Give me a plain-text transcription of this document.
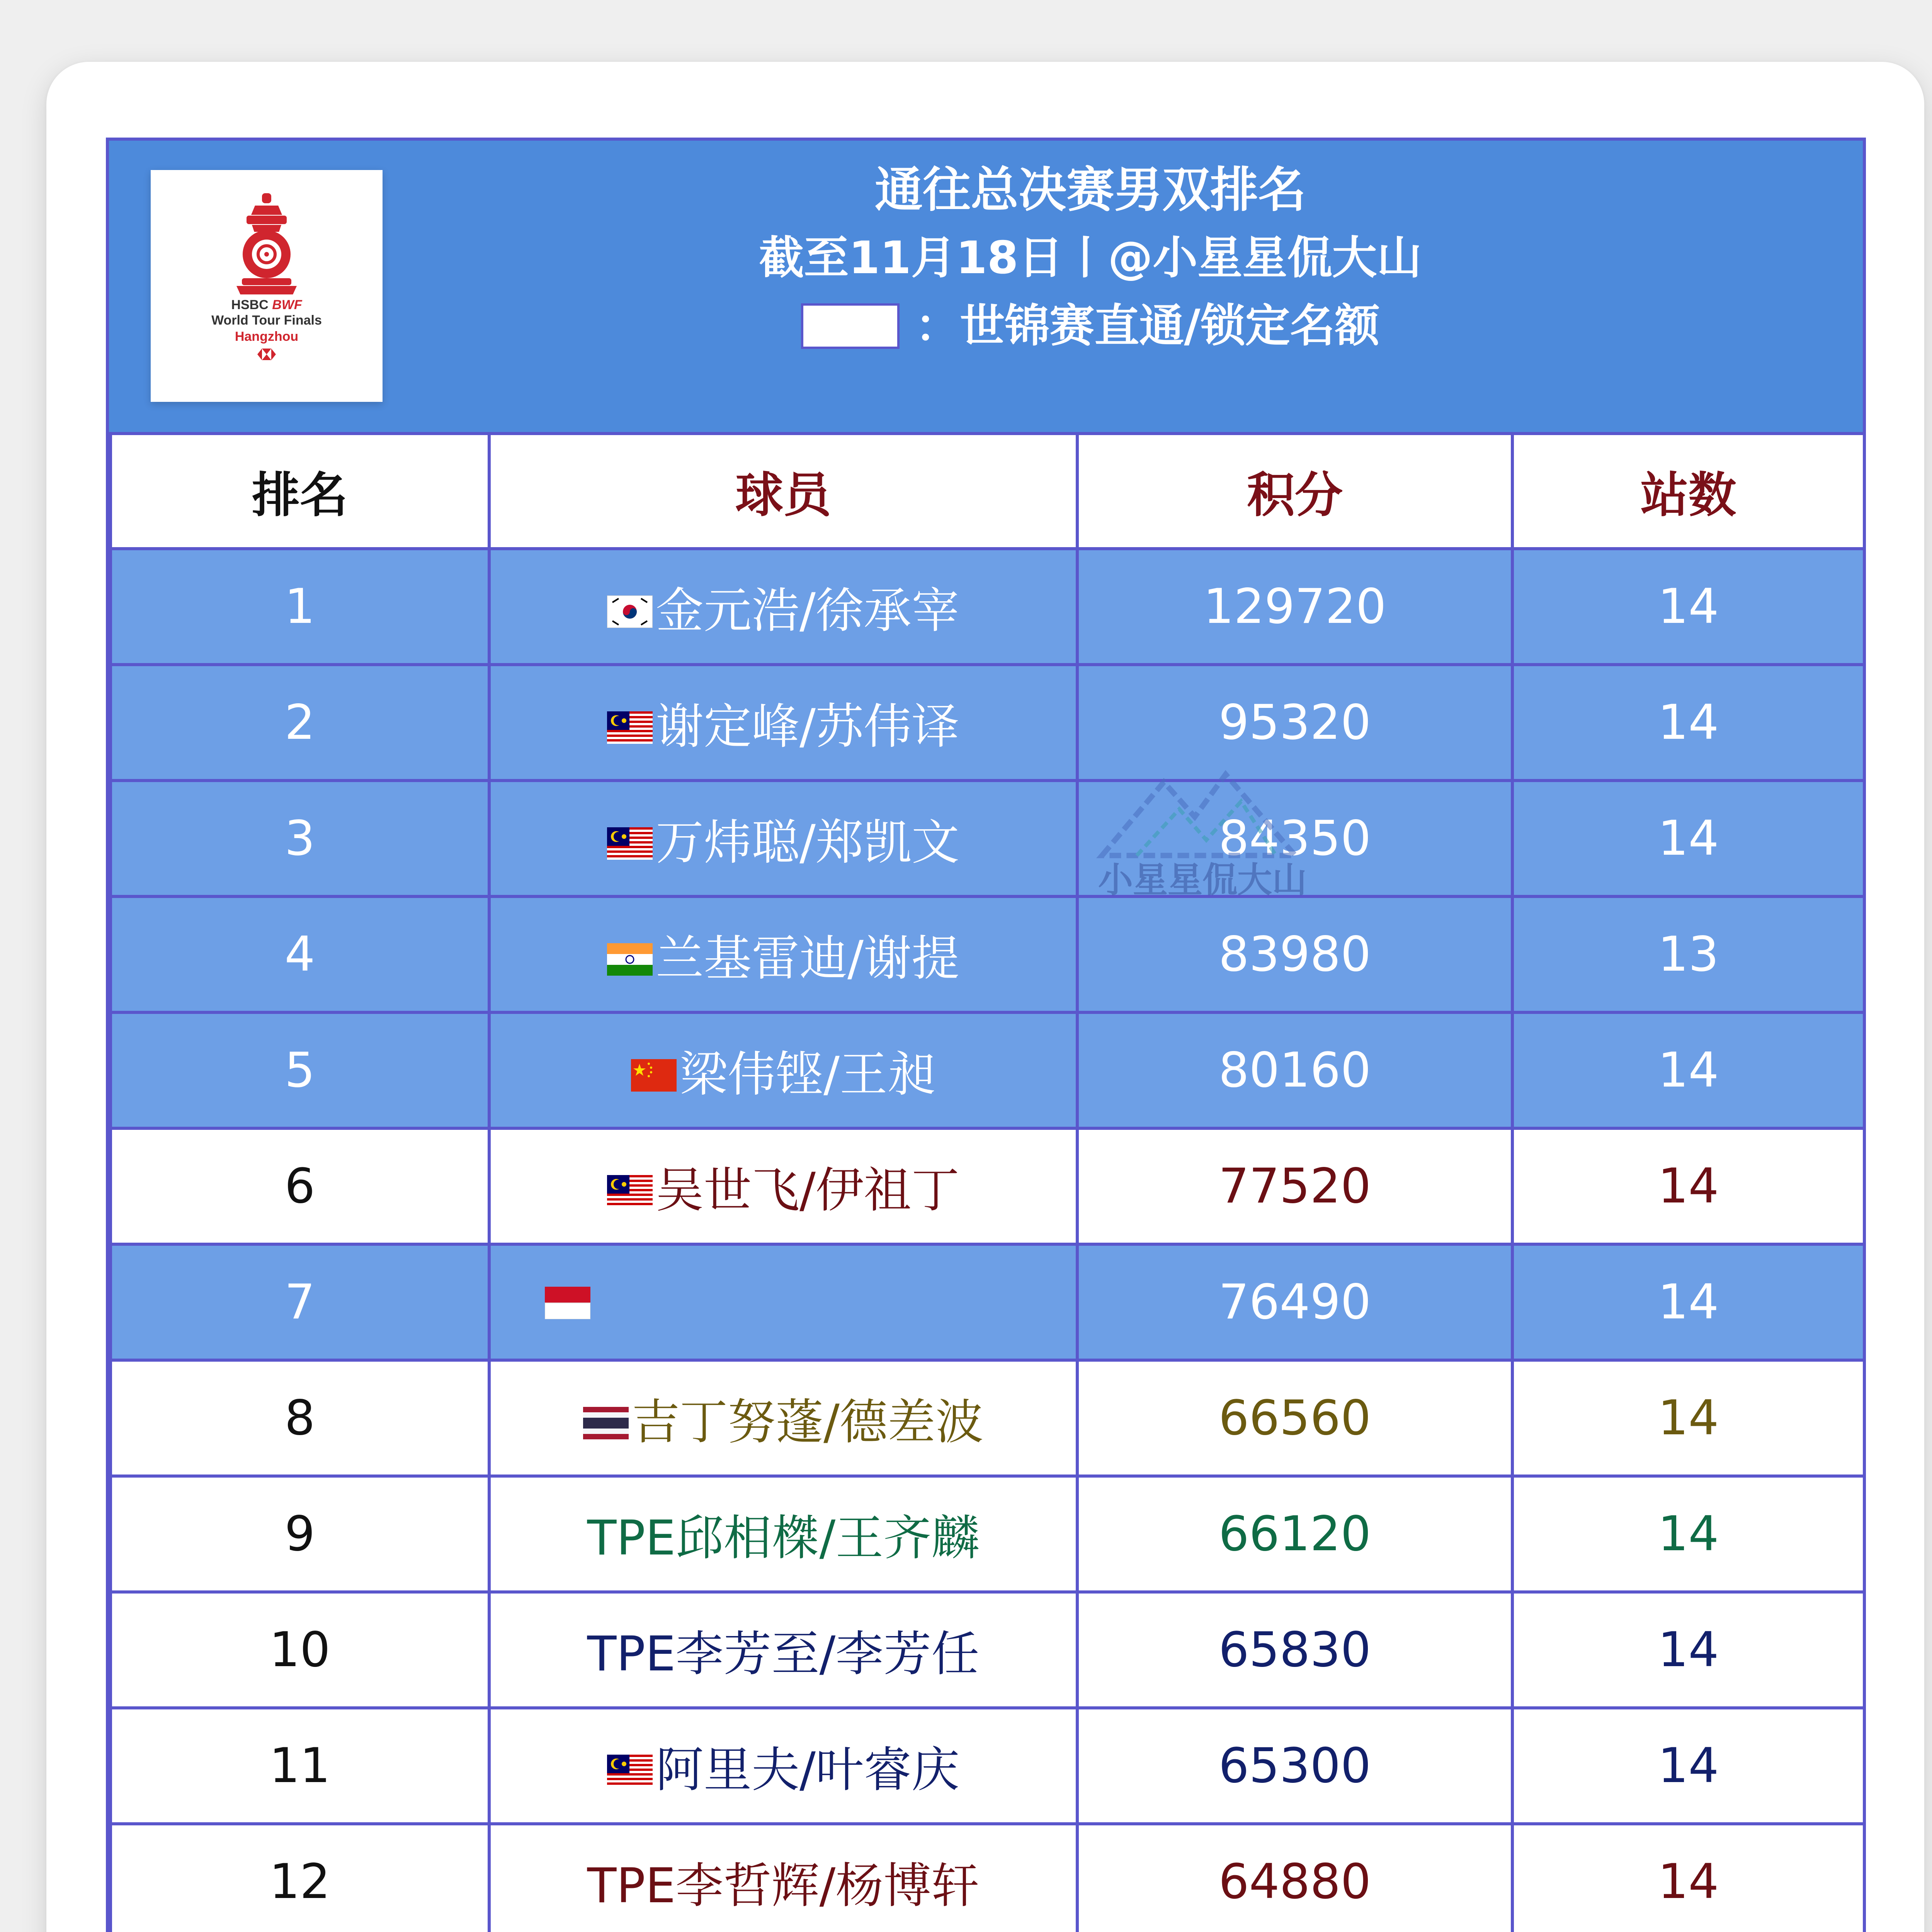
HSBC BWF
World Tour Finals
Hangzhou
通往总决赛男双排名
截至11月18日丨@小星星侃大山
：世锦赛直通/锁定名额
排名	球员	积分	站数
1	金元浩/徐承宰	129720	14
2	谢定峰/苏伟译	95320	14
3	万炜聪/郑凯文	84350	14
4	兰基雷迪/谢提	83980	13
5	梁伟铿/王昶	80160	14
6	吴世飞/伊祖丁	77520	14
7		76490	14
8	吉丁努蓬/德差波	66560	14
9	TPE邱相榤/王齐麟	66120	14
10	TPE李芳至/李芳任	65830	14
11	阿里夫/叶睿庆	65300	14
12	TPE李哲辉/杨博轩	64880	14

小星星侃大山
